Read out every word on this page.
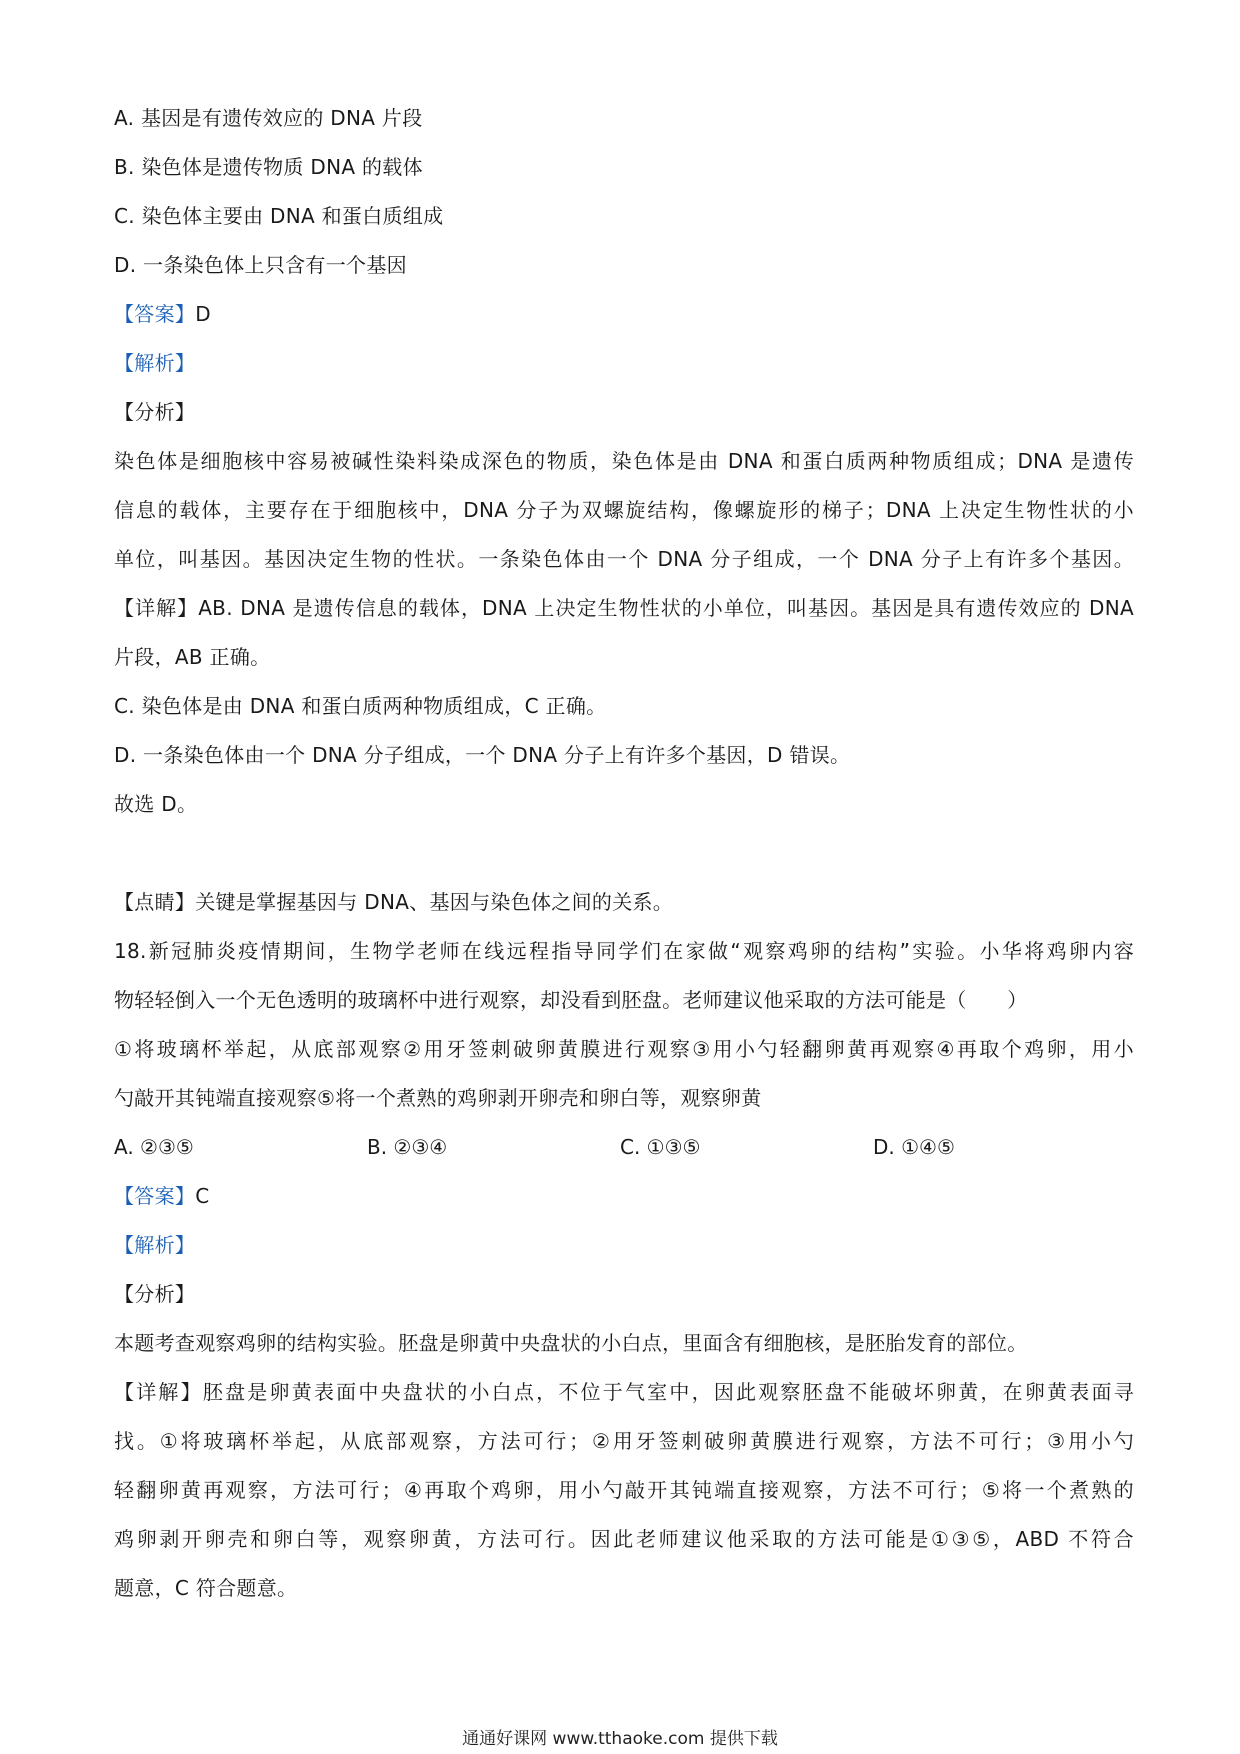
A. 基因是有遗传效应的 DNA 片段
B. 染色体是遗传物质 DNA 的载体
C. 染色体主要由 DNA 和蛋白质组成
D. 一条染色体上只含有一个基因
【答案】D
【解析】
【分析】
染色体是细胞核中容易被碱性染料染成深色的物质，染色体是由 DNA 和蛋白质两种物质组成；DNA 是遗传
信息的载体，主要存在于细胞核中，DNA 分子为双螺旋结构，像螺旋形的梯子；DNA 上决定生物性状的小
单位，叫基因。基因决定生物的性状。一条染色体由一个 DNA 分子组成，一个 DNA 分子上有许多个基因。
【详解】AB. DNA 是遗传信息的载体，DNA 上决定生物性状的小单位，叫基因。基因是具有遗传效应的 DNA
片段，AB 正确。
C. 染色体是由 DNA 和蛋白质两种物质组成，C 正确。
D. 一条染色体由一个 DNA 分子组成，一个 DNA 分子上有许多个基因，D 错误。
故选 D。
【点睛】关键是掌握基因与 DNA、基因与染色体之间的关系。
18.新冠肺炎疫情期间，生物学老师在线远程指导同学们在家做“观察鸡卵的结构”实验。小华将鸡卵内容
物轻轻倒入一个无色透明的玻璃杯中进行观察，却没看到胚盘。老师建议他采取的方法可能是（　　）
①将玻璃杯举起，从底部观察②用牙签刺破卵黄膜进行观察③用小勺轻翻卵黄再观察④再取个鸡卵，用小
勺敲开其钝端直接观察⑤将一个煮熟的鸡卵剥开卵壳和卵白等，观察卵黄
A. ②③⑤	B. ②③④	C. ①③⑤	D. ①④⑤
【答案】C
【解析】
【分析】
本题考查观察鸡卵的结构实验。胚盘是卵黄中央盘状的小白点，里面含有细胞核，是胚胎发育的部位。
【详解】胚盘是卵黄表面中央盘状的小白点，不位于气室中，因此观察胚盘不能破坏卵黄，在卵黄表面寻
找。①将玻璃杯举起，从底部观察，方法可行；②用牙签刺破卵黄膜进行观察，方法不可行；③用小勺
轻翻卵黄再观察，方法可行；④再取个鸡卵，用小勺敲开其钝端直接观察，方法不可行；⑤将一个煮熟的
鸡卵剥开卵壳和卵白等，观察卵黄，方法可行。因此老师建议他采取的方法可能是①③⑤，ABD 不符合
题意，C 符合题意。
通通好课网 www.tthaoke.com 提供下载
